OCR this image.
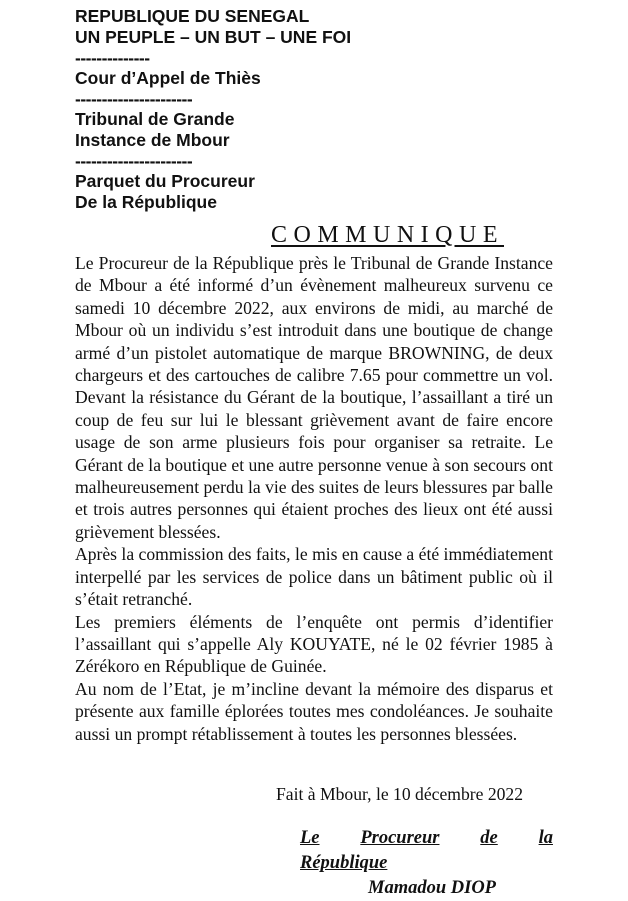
REPUBLIQUE DU SENEGAL
UN PEUPLE – UN BUT – UNE FOI
--------------
Cour d’Appel de Thiès
----------------------
Tribunal de Grande
Instance de Mbour
----------------------
Parquet du Procureur
De la République
COMMUNIQUE

Le Procureur de la République près le Tribunal de Grande Instance de Mbour a été informé d’un évènement malheureux survenu ce samedi 10 décembre 2022, aux environs de midi, au marché de Mbour où un individu s’est introduit dans une boutique de change armé d’un pistolet automatique de marque BROWNING, de deux chargeurs et des cartouches de calibre 7.65 pour commettre un vol. Devant la résistance du Gérant de la boutique, l’assaillant a tiré un coup de feu sur lui le blessant grièvement avant de faire encore usage de son arme plusieurs fois pour organiser sa retraite. Le Gérant de la boutique et une autre personne venue à son secours ont malheureusement perdu la vie des suites de leurs blessures par balle et trois autres personnes qui étaient proches des lieux ont été aussi grièvement blessées.

Après la commission des faits, le mis en cause a été immédiatement interpellé par les services de police dans un bâtiment public où il s’était retranché.

Les premiers éléments de l’enquête ont permis d’identifier l’assaillant qui s’appelle Aly KOUYATE, né le 02 février 1985 à Zérékoro en République de Guinée.

Au nom de l’Etat, je m’incline devant la mémoire des disparus et présente aux famille éplorées toutes mes condoléances. Je souhaite aussi un prompt rétablissement à toutes les personnes blessées.

Fait à Mbour, le 10 décembre 2022
Le Procureur de la
République
Mamadou DIOP
